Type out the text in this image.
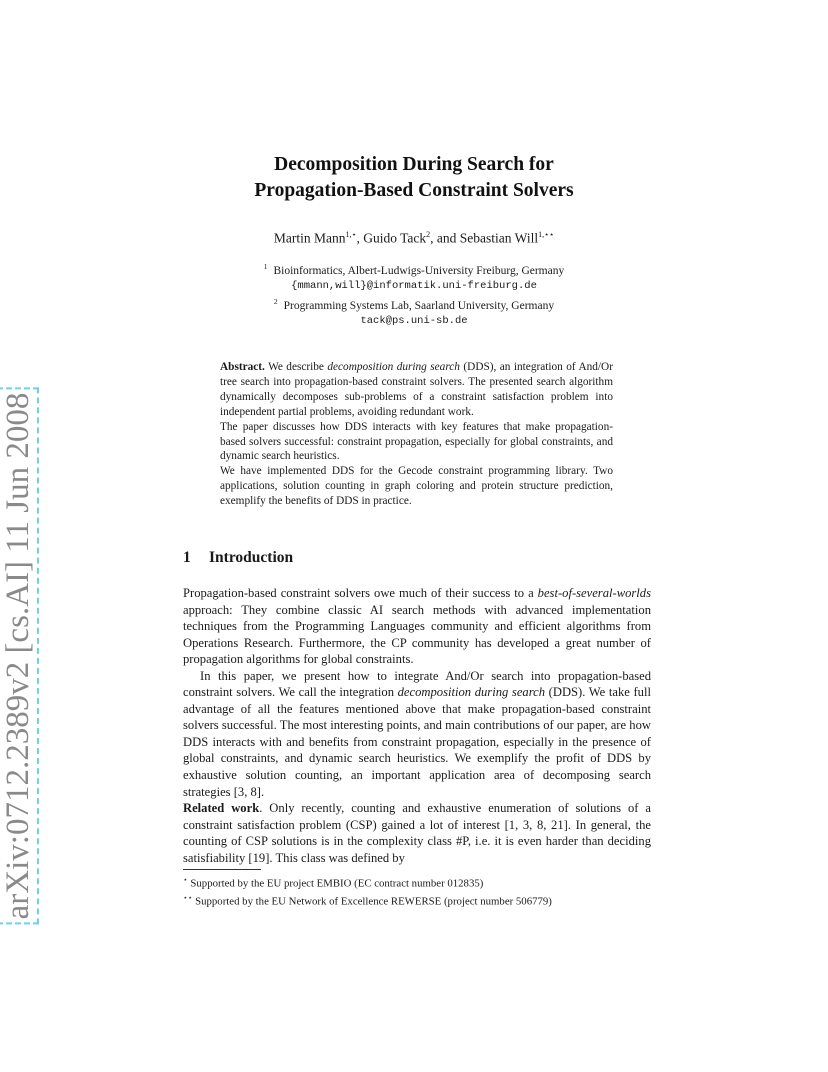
arXiv:0712.2389v2 [cs.AI] 11 Jun 2008
Decomposition During Search for
Propagation-Based Constraint Solvers
Martin Mann$^{1,⋆}$, Guido Tack$^2$, and Sebastian Will$^{1,⋆⋆}$
$^1$ Bioinformatics, Albert-Ludwigs-University Freiburg, Germany
{mmann,will}@informatik.uni-freiburg.de
$^2$ Programming Systems Lab, Saarland University, Germany
tack@ps.uni-sb.de

Abstract. We describe decomposition during search (DDS), an integration of And/Or tree search into propagation-based constraint solvers. The presented search algorithm dynamically decomposes sub-problems of a constraint satisfaction problem into independent partial problems, avoiding redundant work.

The paper discusses how DDS interacts with key features that make propagation-based solvers successful: constraint propagation, especially for global constraints, and dynamic search heuristics.

We have implemented DDS for the Gecode constraint programming library. Two applications, solution counting in graph coloring and protein structure prediction, exemplify the benefits of DDS in practice.

1 Introduction

Propagation-based constraint solvers owe much of their success to a best-of-several-worlds approach: They combine classic AI search methods with advanced implementation techniques from the Programming Languages community and efficient algorithms from Operations Research. Furthermore, the CP community has developed a great number of propagation algorithms for global constraints.

In this paper, we present how to integrate And/Or search into propagation-based constraint solvers. We call the integration decomposition during search (DDS). We take full advantage of all the features mentioned above that make propagation-based constraint solvers successful. The most interesting points, and main contributions of our paper, are how DDS interacts with and benefits from constraint propagation, especially in the presence of global constraints, and dynamic search heuristics. We exemplify the profit of DDS by exhaustive solution counting, an important application area of decomposing search strategies [3, 8].

Related work. Only recently, counting and exhaustive enumeration of solutions of a constraint satisfaction problem (CSP) gained a lot of interest [1, 3, 8, 21]. In general, the counting of CSP solutions is in the complexity class #P, i.e. it is even harder than deciding satisfiability [19]. This class was defined by

⋆ Supported by the EU project EMBIO (EC contract number 012835)

⋆⋆ Supported by the EU Network of Excellence REWERSE (project number 506779)
